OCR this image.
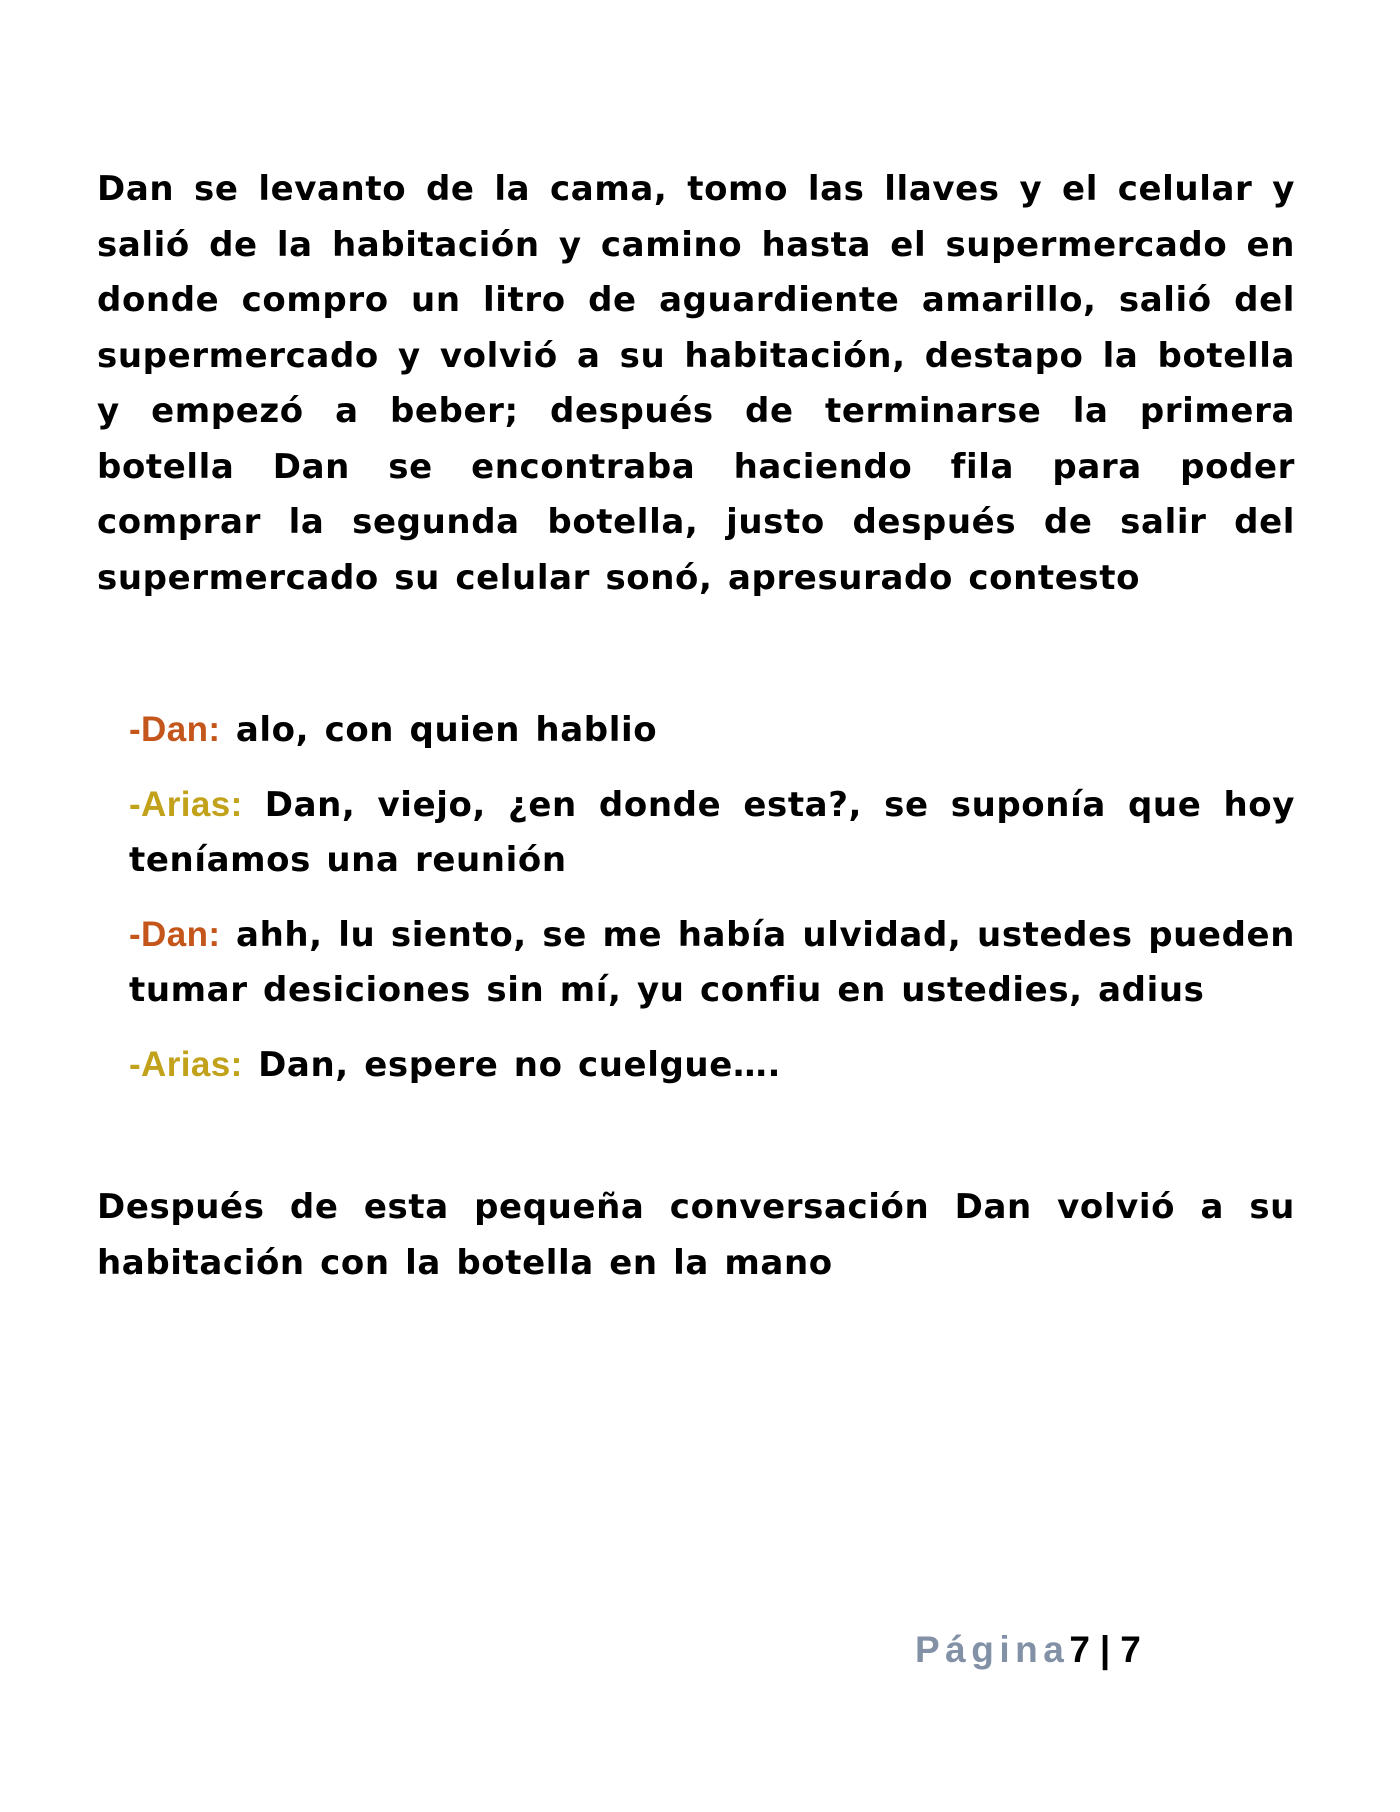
Dan se levanto de la cama, tomo las llaves y el celular y salió de la habitación y camino hasta el supermercado en donde compro un litro de aguardiente amarillo, salió del supermercado y volvió a su habitación, destapo la botella y empezó a beber; después de terminarse la primera botella Dan se encontraba haciendo fila para poder comprar la segunda botella, justo después de salir del supermercado su celular sonó, apresurado contesto

-Dan: alo, con quien hablio

-Arias: Dan, viejo, ¿en donde esta?, se suponía que hoy teníamos una reunión

-Dan: ahh, lu siento, se me había ulvidad, ustedes pueden tumar desiciones sin mí, yu confiu en ustedies, adius

-Arias: Dan, espere no cuelgue….

Después de esta pequeña conversación Dan volvió a su habitación con la botella en la mano

Página7 | 7
